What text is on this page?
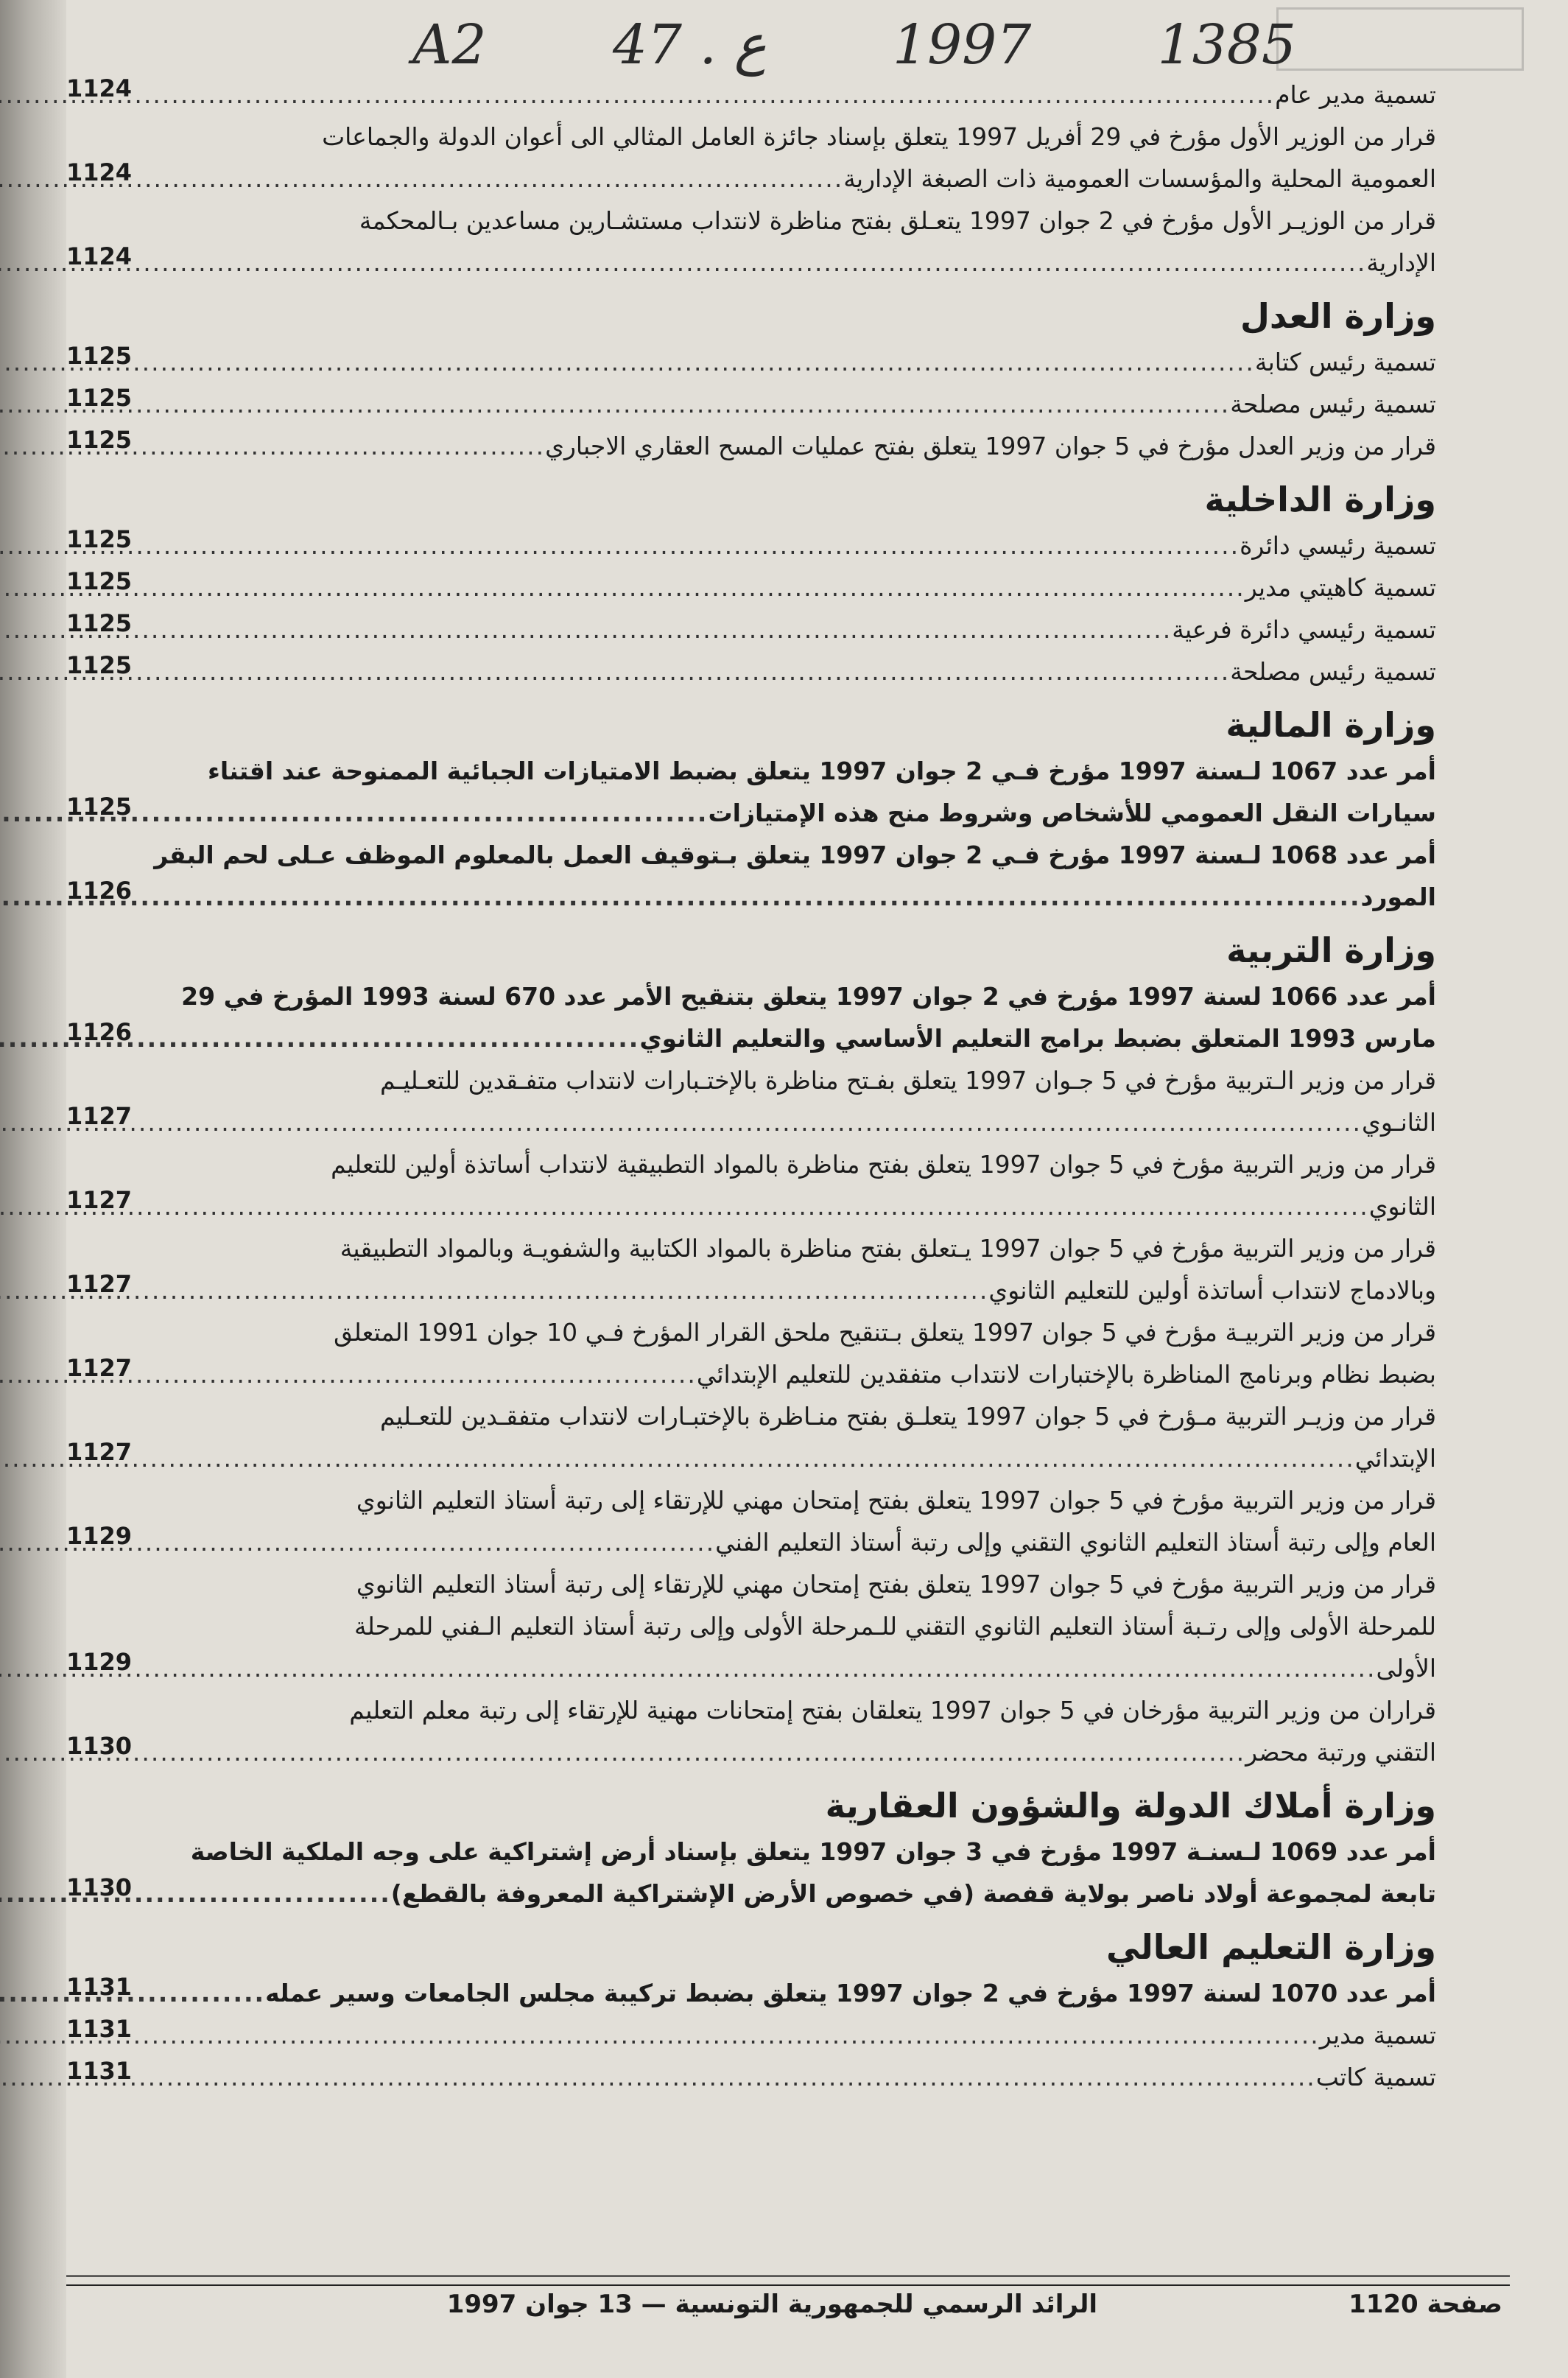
A2 47 . ع 1997 1385
تسمية مدير عام
.....
1124
قرار من الوزير الأول مؤرخ في 29 أفريل 1997 يتعلق بإسناد جائزة العامل المثالي الى أعوان الدولة والجماعات
العمومية المحلية والمؤسسات العمومية ذات الصبغة الإدارية
.....
1124
قرار من الوزيـر الأول مؤرخ في 2 جوان 1997 يتعـلق بفتح مناظرة لانتداب مستشـارين مساعدين بـالمحكمة
الإدارية
.....
1124
وزارة العدل
تسمية رئيس كتابة
.....
1125
تسمية رئيس مصلحة
.....
1125
قرار من وزير العدل مؤرخ في 5 جوان 1997 يتعلق بفتح عمليات المسح العقاري الاجباري
.....
1125
وزارة الداخلية
تسمية رئيسي دائرة
.....
1125
تسمية كاهيتي مدير
.....
1125
تسمية رئيسي دائرة فرعية
.....
1125
تسمية رئيس مصلحة
.....
1125
وزارة المالية
أمر عدد 1067 لـسنة 1997 مؤرخ فـي 2 جوان 1997 يتعلق بضبط الامتيازات الجبائية الممنوحة عند اقتناء
سيارات النقل العمومي للأشخاص وشروط منح هذه الإمتيازات
.....
1125
أمر عدد 1068 لـسنة 1997 مؤرخ فـي 2 جوان 1997 يتعلق بـتوقيف العمل بالمعلوم الموظف عـلى لحم البقر
المورد
.....
1126
وزارة التربية
أمر عدد 1066 لسنة 1997 مؤرخ في 2 جوان 1997 يتعلق بتنقيح الأمر عدد 670 لسنة 1993 المؤرخ في 29
مارس 1993 المتعلق بضبط برامج التعليم الأساسي والتعليم الثانوي
.....
1126
قرار من وزير الـتربية مؤرخ في 5 جـوان 1997 يتعلق بفـتح مناظرة بالإختـبارات لانتداب متفـقدين للتعـليـم
الثانـوي
.....
1127
قرار من وزير التربية مؤرخ في 5 جوان 1997 يتعلق بفتح مناظرة بالمواد التطبيقية لانتداب أساتذة أولين للتعليم
الثانوي
.....
1127
قرار من وزير التربية مؤرخ في 5 جوان 1997 يـتعلق بفتح مناظرة بالمواد الكتابية والشفويـة وبالمواد التطبيقية
وبالادماج لانتداب أساتذة أولين للتعليم الثانوي
.....
1127
قرار من وزير التربيـة مؤرخ في 5 جوان 1997 يتعلق بـتنقيح ملحق القرار المؤرخ فـي 10 جوان 1991 المتعلق
بضبط نظام وبرنامج المناظرة بالإختبارات لانتداب متفقدين للتعليم الإبتدائي
.....
1127
قرار من وزيـر التربية مـؤرخ في 5 جوان 1997 يتعلـق بفتح منـاظرة بالإختبـارات لانتداب متفقـدين للتعـليم
الإبتدائي
.....
1127
قرار من وزير التربية مؤرخ في 5 جوان 1997 يتعلق بفتح إمتحان مهني للإرتقاء إلى رتبة أستاذ التعليم الثانوي
العام وإلى رتبة أستاذ التعليم الثانوي التقني وإلى رتبة أستاذ التعليم الفني
.....
1129
قرار من وزير التربية مؤرخ في 5 جوان 1997 يتعلق بفتح إمتحان مهني للإرتقاء إلى رتبة أستاذ التعليم الثانوي
للمرحلة الأولى وإلى رتـبة أستاذ التعليم الثانوي التقني للـمرحلة الأولى وإلى رتبة أستاذ التعليم الـفني للمرحلة
الأولى
.....
1129
قراران من وزير التربية مؤرخان في 5 جوان 1997 يتعلقان بفتح إمتحانات مهنية للإرتقاء إلى رتبة معلم التعليم
التقني ورتبة محضر
.....
1130
وزارة أملاك الدولة والشؤون العقارية
أمر عدد 1069 لـسنـة 1997 مؤرخ في 3 جوان 1997 يتعلق بإسناد أرض إشتراكية على وجه الملكية الخاصة
تابعة لمجموعة أولاد ناصر بولاية قفصة (في خصوص الأرض الإشتراكية المعروفة بالقطع)
.....
1130
وزارة التعليم العالي
أمر عدد 1070 لسنة 1997 مؤرخ في 2 جوان 1997 يتعلق بضبط تركيبة مجلس الجامعات وسير عمله
.....
1131
تسمية مدير
.....
1131
تسمية كاتب
.....
1131
صفحة 1120
الرائد الرسمي للجمهورية التونسية — 13 جوان 1997
